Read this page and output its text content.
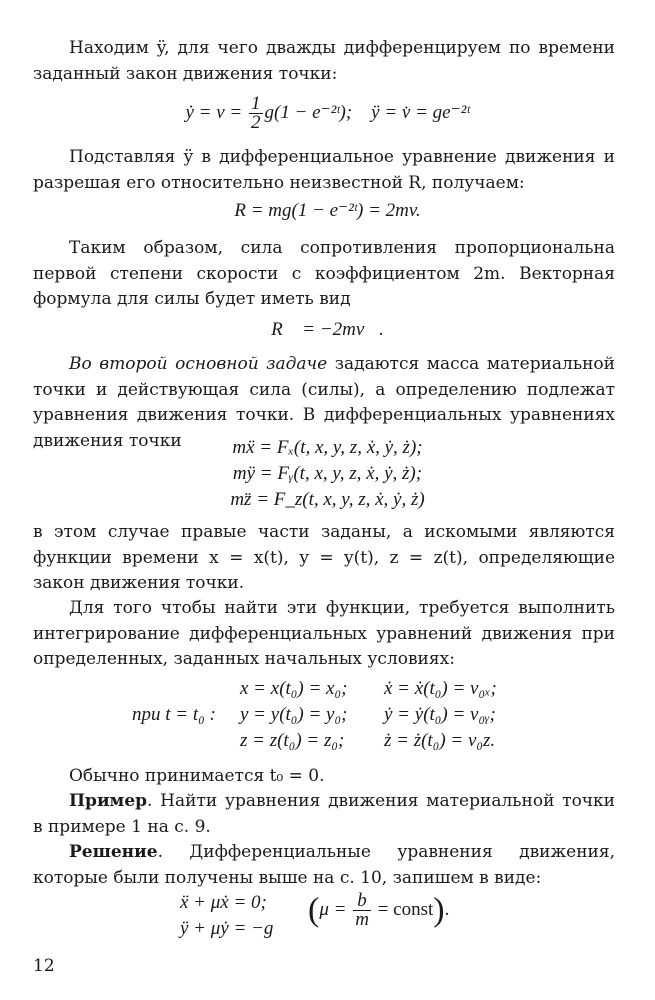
Находим ÿ, для чего дважды дифференцируем по времени заданный закон движения точки:

ẏ = $v = \frac{1}{2} g(1$ − e⁻²ᵗ); ÿ = v̇ = ge⁻²ᵗ

Подставляя ÿ в дифференциальное уравнение движения и разрешая его относительно неизвестной R, получаем:

R = mg(1 − e⁻²ᵗ) = 2mv.

Таким образом, сила сопротивления пропорциональна первой степени скорости с коэффициентом 2m. Векторная формула для силы будет иметь вид

R⃗ = −2mv⃗.

Во второй основной задаче задаются масса материальной точки и действующая сила (силы), а определению подлежат уравнения движения точки. В дифференциальных уравнениях движения точки	mẍ = Fₓ(t, x, y, z, ẋ, ẏ, ż);
mÿ = Fᵧ(t, x, y, z, ẋ, ẏ, ż);
mz̈ = F_z(t, x, y, z, ẋ, ẏ, ż)

в этом случае правые части заданы, а искомыми являются функции времени x = x(t), y = y(t), z = z(t), определяющие закон движения точки.

Для того чтобы найти эти функции, требуется выполнить интегрирование дифференциальных уравнений движения при определенных, заданных начальных условиях:

при t = t₀ :
x = x(t₀) = x₀;
y = y(t₀) = y₀;
z = z(t₀) = z₀;
ẋ = ẋ(t₀) = v₀ₓ;
ẏ = ẏ(t₀) = v₀ᵧ;
ż = ż(t₀) = v₀z.

Обычно принимается t₀ = 0.

Пример. Найти уравнения движения материальной точки в примере 1 на с. 9.

Решение. Дифференциальные уравнения движения, которые были получены выше на с. 10, запишем в виде:

ẍ + μẋ = 0;
ÿ + μẏ = −g ($\mu = \frac{b}{m}$ = const).
12
